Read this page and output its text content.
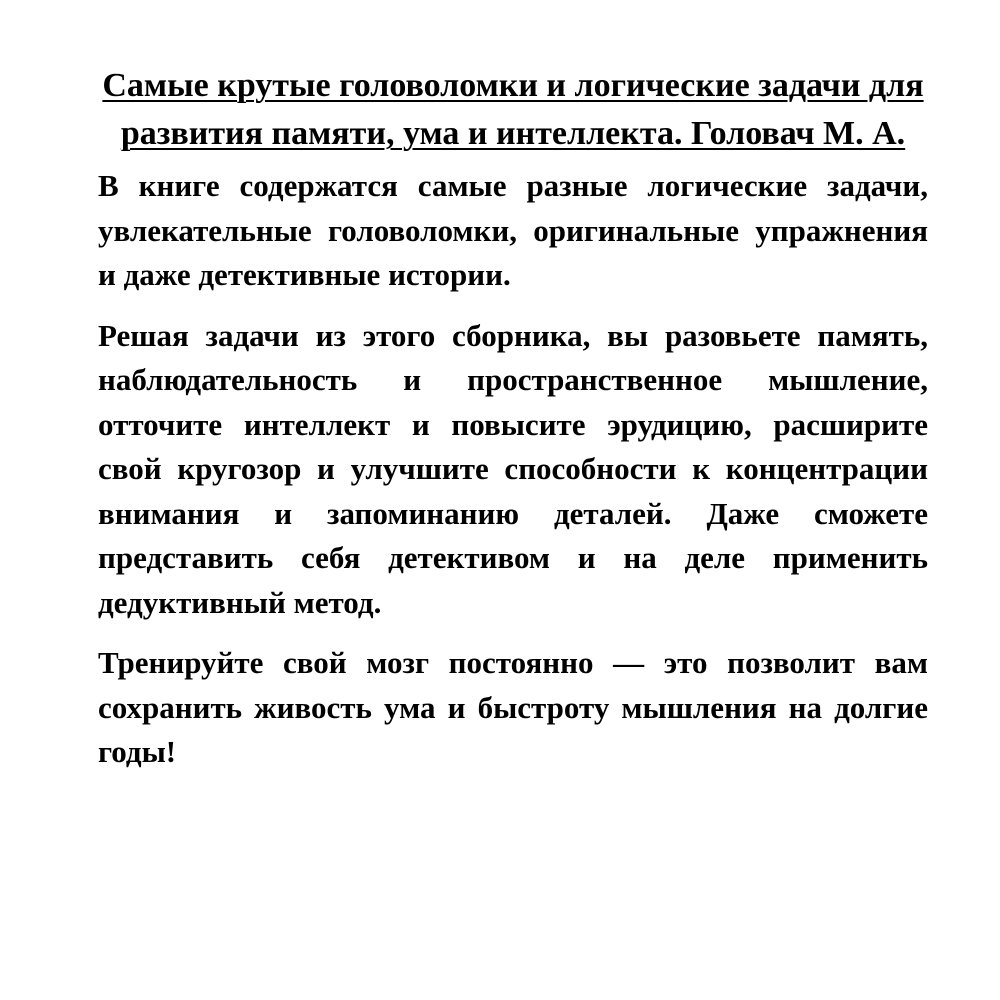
Самые крутые головоломки и логические задачи для развития памяти, ума и интеллекта. Головач М. А.

В книге содержатся самые разные логические задачи, увлекательные головоломки, оригинальные упражнения и даже детективные истории.

Решая задачи из этого сборника, вы разовьете память, наблюдательность и пространственное мышление, отточите интеллект и повысите эрудицию, расширите свой кругозор и улучшите способности к концентрации внимания и запоминанию деталей. Даже сможете представить себя детективом и на деле применить дедуктивный метод.

Тренируйте свой мозг постоянно — это позволит вам сохранить живость ума и быстроту мышления на долгие годы!
